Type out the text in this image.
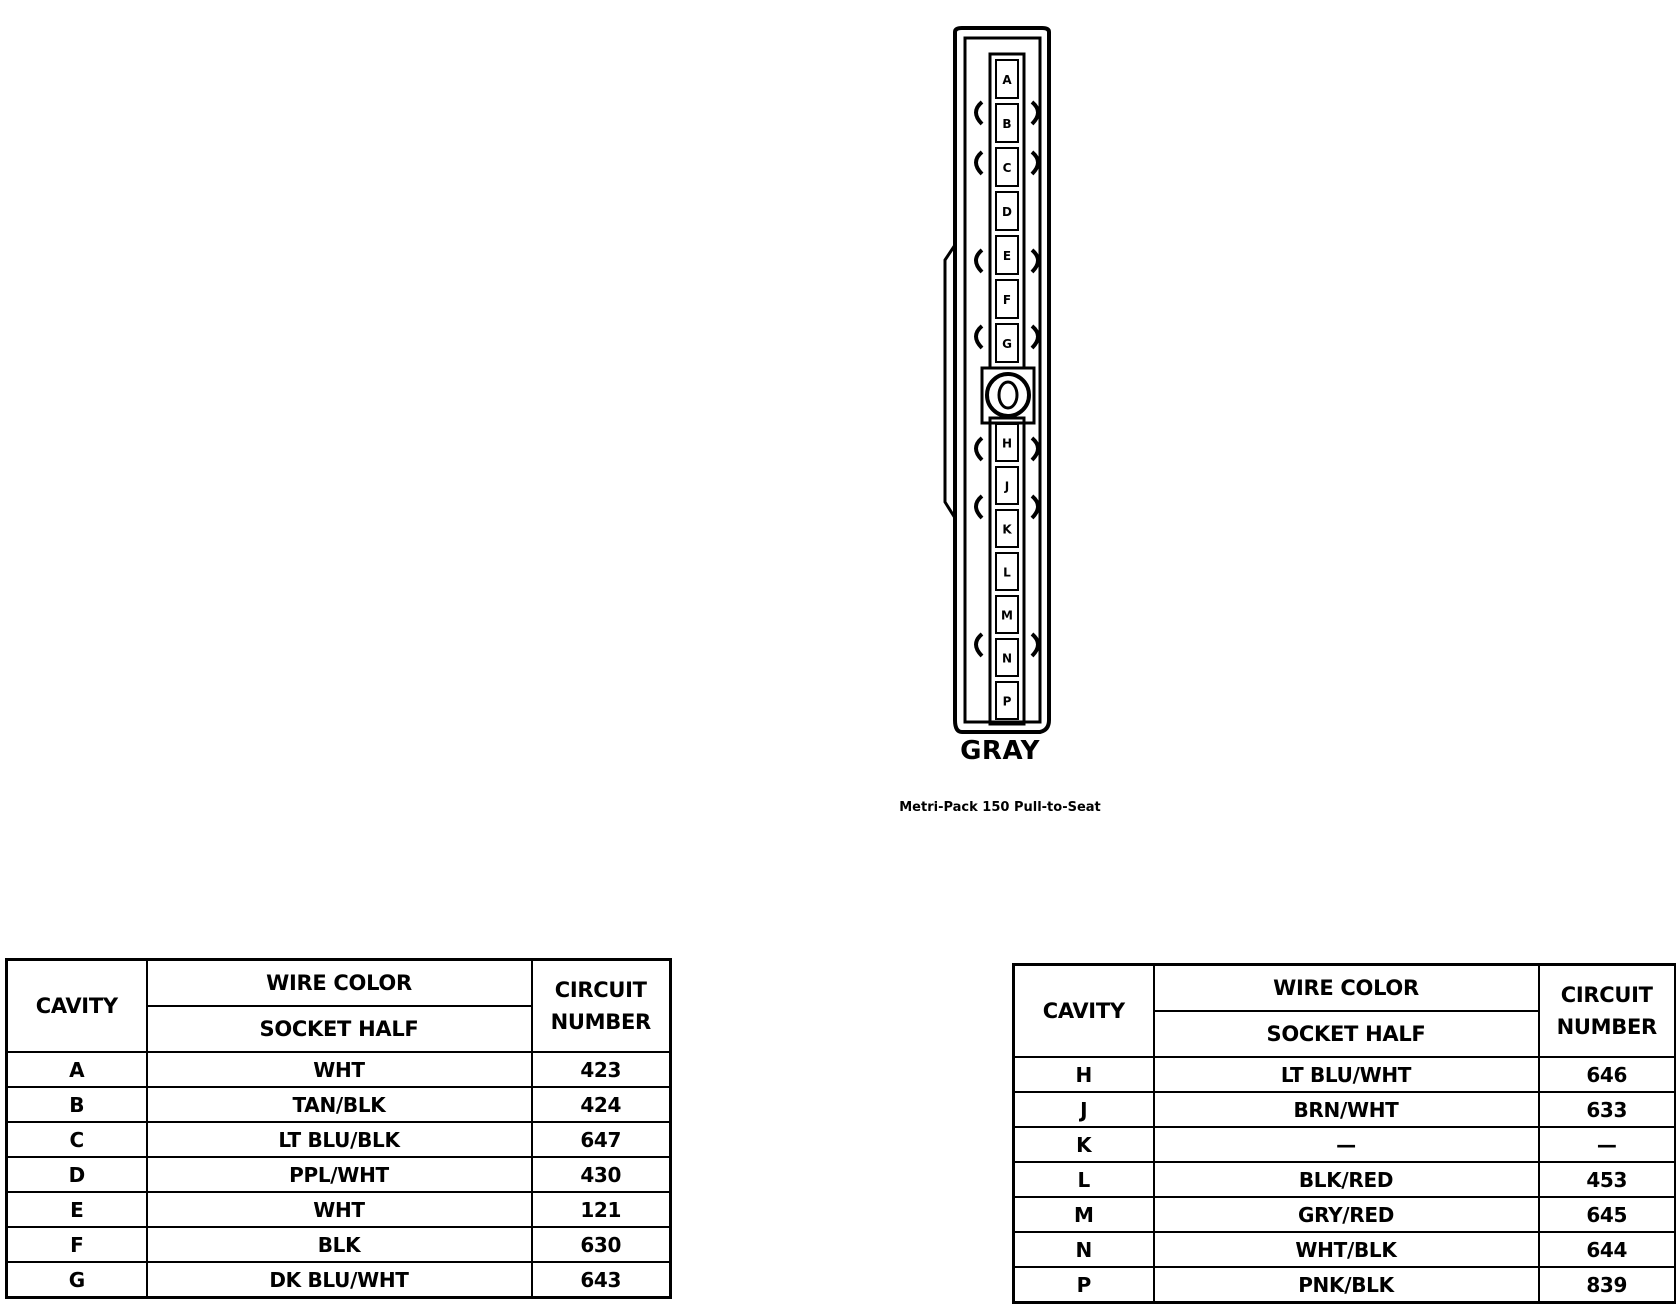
A
B
C
D
E
F
G
H
J
K
L
M
N
P
GRAY
Metri-Pack 150 Pull-to-Seat
CAVITY	WIRE COLOR	CIRCUIT
NUMBER
	SOCKET HALF	
A	WHT	423
B	TAN/BLK	424
C	LT BLU/BLK	647
D	PPL/WHT	430
E	WHT	121
F	BLK	630
G	DK BLU/WHT	643
CAVITY	WIRE COLOR	CIRCUIT
NUMBER
	SOCKET HALF	
H	LT BLU/WHT	646
J	BRN/WHT	633
K	—	—
L	BLK/RED	453
M	GRY/RED	645
N	WHT/BLK	644
P	PNK/BLK	839
